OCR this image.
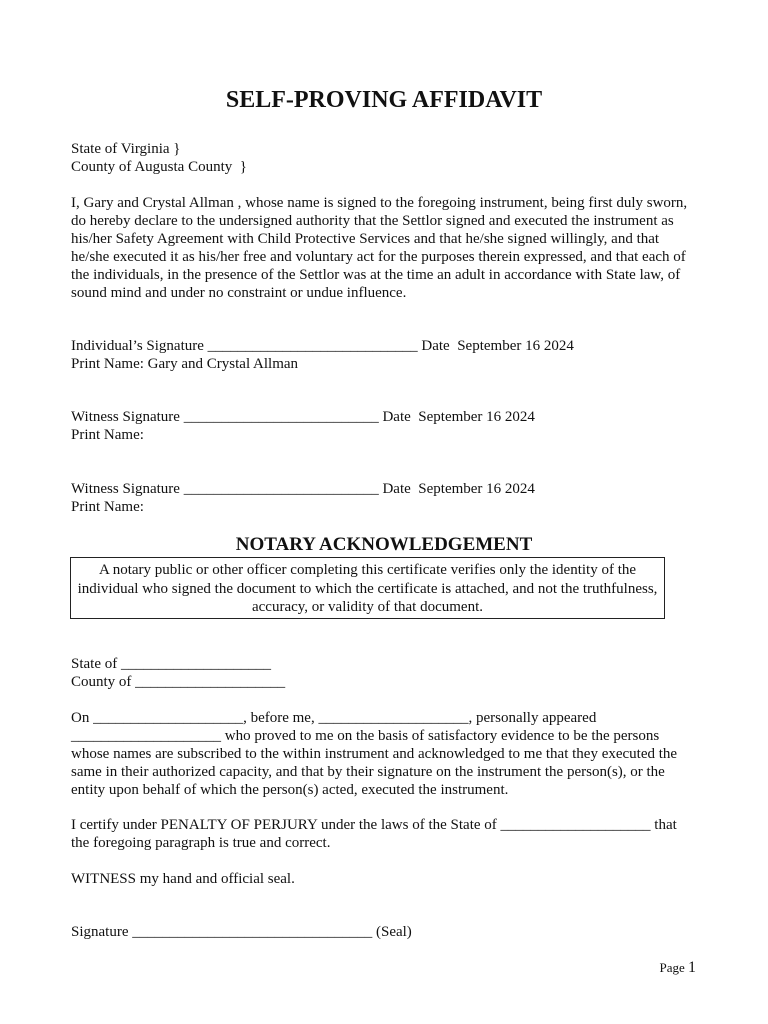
SELF-PROVING AFFIDAVIT
State of Virginia }
County of Augusta County  }
I, Gary and Crystal Allman , whose name is signed to the foregoing instrument, being first duly sworn,
do hereby declare to the undersigned authority that the Settlor signed and executed the instrument as
his/her Safety Agreement with Child Protective Services and that he/she signed willingly, and that
he/she executed it as his/her free and voluntary act for the purposes therein expressed, and that each of
the individuals, in the presence of the Settlor was at the time an adult in accordance with State law, of
sound mind and under no constraint or undue influence.
Individual’s Signature ____________________________ Date  September 16 2024
Print Name: Gary and Crystal Allman
Witness Signature __________________________ Date  September 16 2024
Print Name:
Witness Signature __________________________ Date  September 16 2024
Print Name:
NOTARY ACKNOWLEDGEMENT
A notary public or other officer completing this certificate verifies only the identity of the
individual who signed the document to which the certificate is attached, and not the truthfulness,
accuracy, or validity of that document.
State of ____________________
County of ____________________
On ____________________, before me, ____________________, personally appeared
____________________ who proved to me on the basis of satisfactory evidence to be the persons
whose names are subscribed to the within instrument and acknowledged to me that they executed the
same in their authorized capacity, and that by their signature on the instrument the person(s), or the
entity upon behalf of which the person(s) acted, executed the instrument.
I certify under PENALTY OF PERJURY under the laws of the State of ____________________ that
the foregoing paragraph is true and correct.
WITNESS my hand and official seal.
Signature ________________________________ (Seal)
Page 1
